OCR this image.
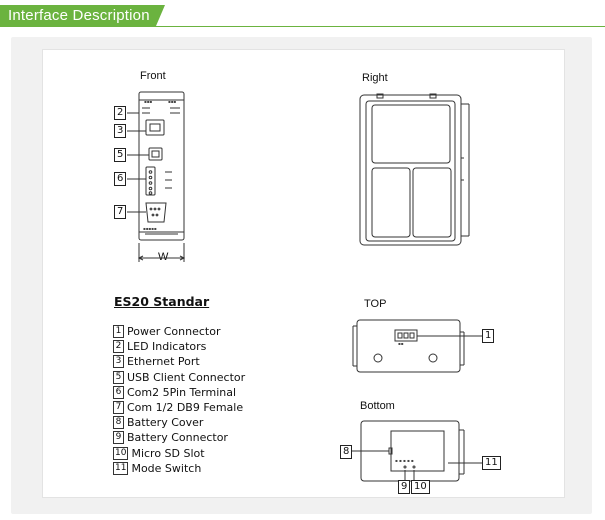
Interface Description
Front	Right
TOP
Bottom
W
▪▪▪	▪▪▪
▪▪▪▪▪
▪▪
▪ ▪ ▪ ▪ ▪
2
3
5
6
7
1
8
11
9 10
ES20 Standar
1 Power Connector
2 LED Indicators
3 Ethernet Port
5 USB Client Connector
6 Com2 5Pin Terminal
7 Com 1/2 DB9 Female
8 Battery Cover
9 Battery Connector
10 Micro SD Slot
11 Mode Switch
